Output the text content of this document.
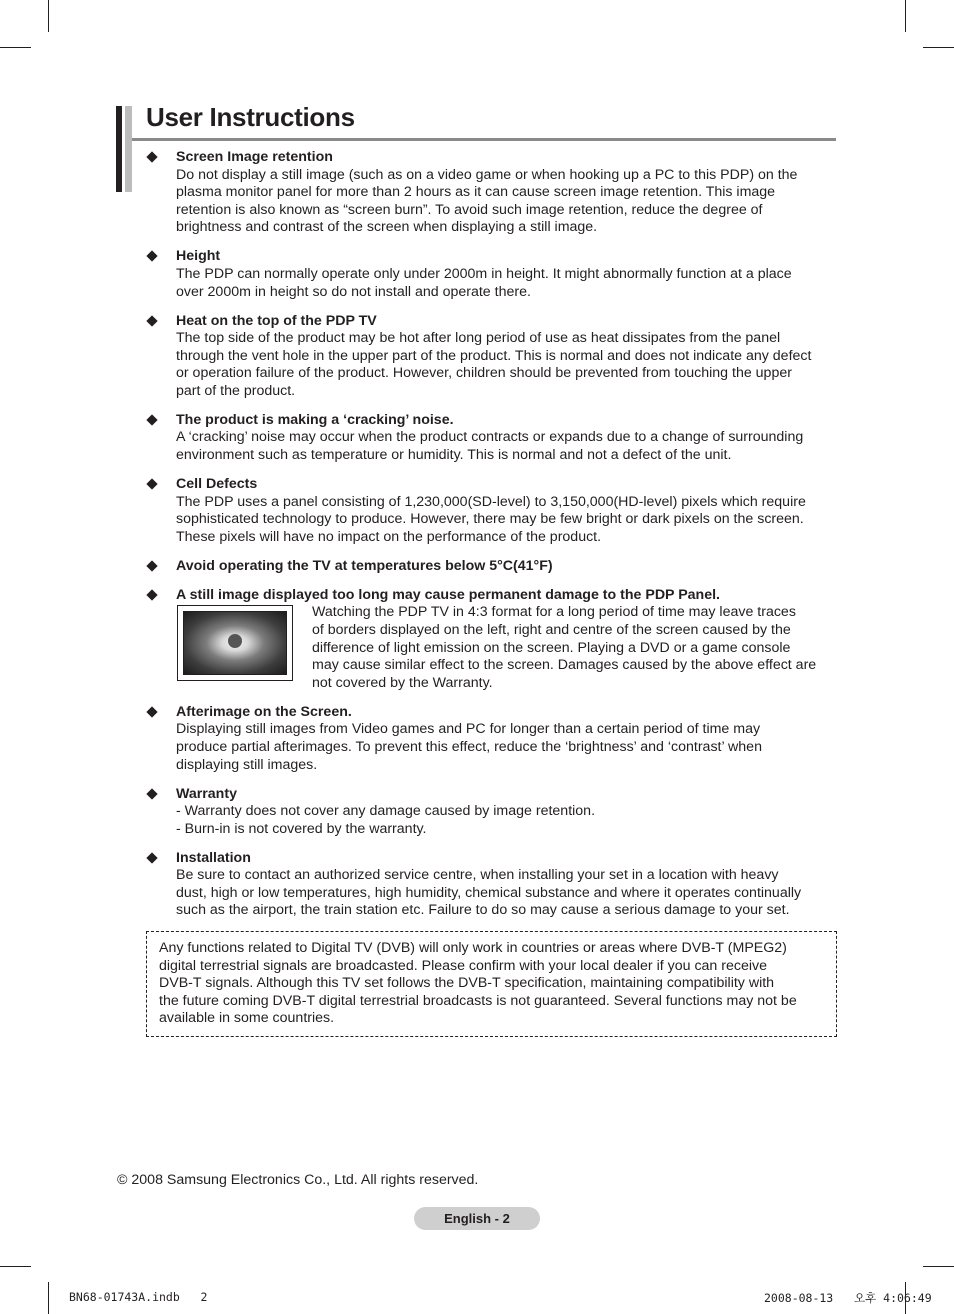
User Instructions
Screen Image retention
Do not display a still image (such as on a video game or when hooking up a PC to this PDP) on the
plasma monitor panel for more than 2 hours as it can cause screen image retention. This image
retention is also known as “screen burn”. To avoid such image retention, reduce the degree of
brightness and contrast of the screen when displaying a still image.
Height
The PDP can normally operate only under 2000m in height. It might abnormally function at a place
over 2000m in height so do not install and operate there.
Heat on the top of the PDP TV
The top side of the product may be hot after long period of use as heat dissipates from the panel
through the vent hole in the upper part of the product. This is normal and does not indicate any defect
or operation failure of the product. However, children should be prevented from touching the upper
part of the product.
The product is making a ‘cracking’ noise.
A ‘cracking’ noise may occur when the product contracts or expands due to a change of surrounding
environment such as temperature or humidity. This is normal and not a defect of the unit.
Cell Defects
The PDP uses a panel consisting of 1,230,000(SD-level) to 3,150,000(HD-level) pixels which require
sophisticated technology to produce. However, there may be few bright or dark pixels on the screen.
These pixels will have no impact on the performance of the product.
Avoid operating the TV at temperatures below 5°C(41°F)
A still image displayed too long may cause permanent damage to the PDP Panel.
Watching the PDP TV in 4:3 format for a long period of time may leave traces
of borders displayed on the left, right and centre of the screen caused by the
difference of light emission on the screen. Playing a DVD or a game console
may cause similar effect to the screen. Damages caused by the above effect are
not covered by the Warranty.
Afterimage on the Screen.
Displaying still images from Video games and PC for longer than a certain period of time may
produce partial afterimages. To prevent this effect, reduce the ‘brightness’ and ‘contrast’ when
displaying still images.
Warranty
- Warranty does not cover any damage caused by image retention.
- Burn-in is not covered by the warranty.
Installation
Be sure to contact an authorized service centre, when installing your set in a location with heavy
dust, high or low temperatures, high humidity, chemical substance and where it operates continually
such as the airport, the train station etc. Failure to do so may cause a serious damage to your set.
Any functions related to Digital TV (DVB) will only work in countries or areas where DVB-T (MPEG2)
digital terrestrial signals are broadcasted. Please confirm with your local dealer if you can receive
DVB-T signals. Although this TV set follows the DVB-T specification, maintaining compatibility with
the future coming DVB-T digital terrestrial broadcasts is not guaranteed. Several functions may not be
available in some countries.
© 2008 Samsung Electronics Co., Ltd. All rights reserved.
English - 2
BN68-01743A.indb   2	2008-08-13   오후 4:06:49
